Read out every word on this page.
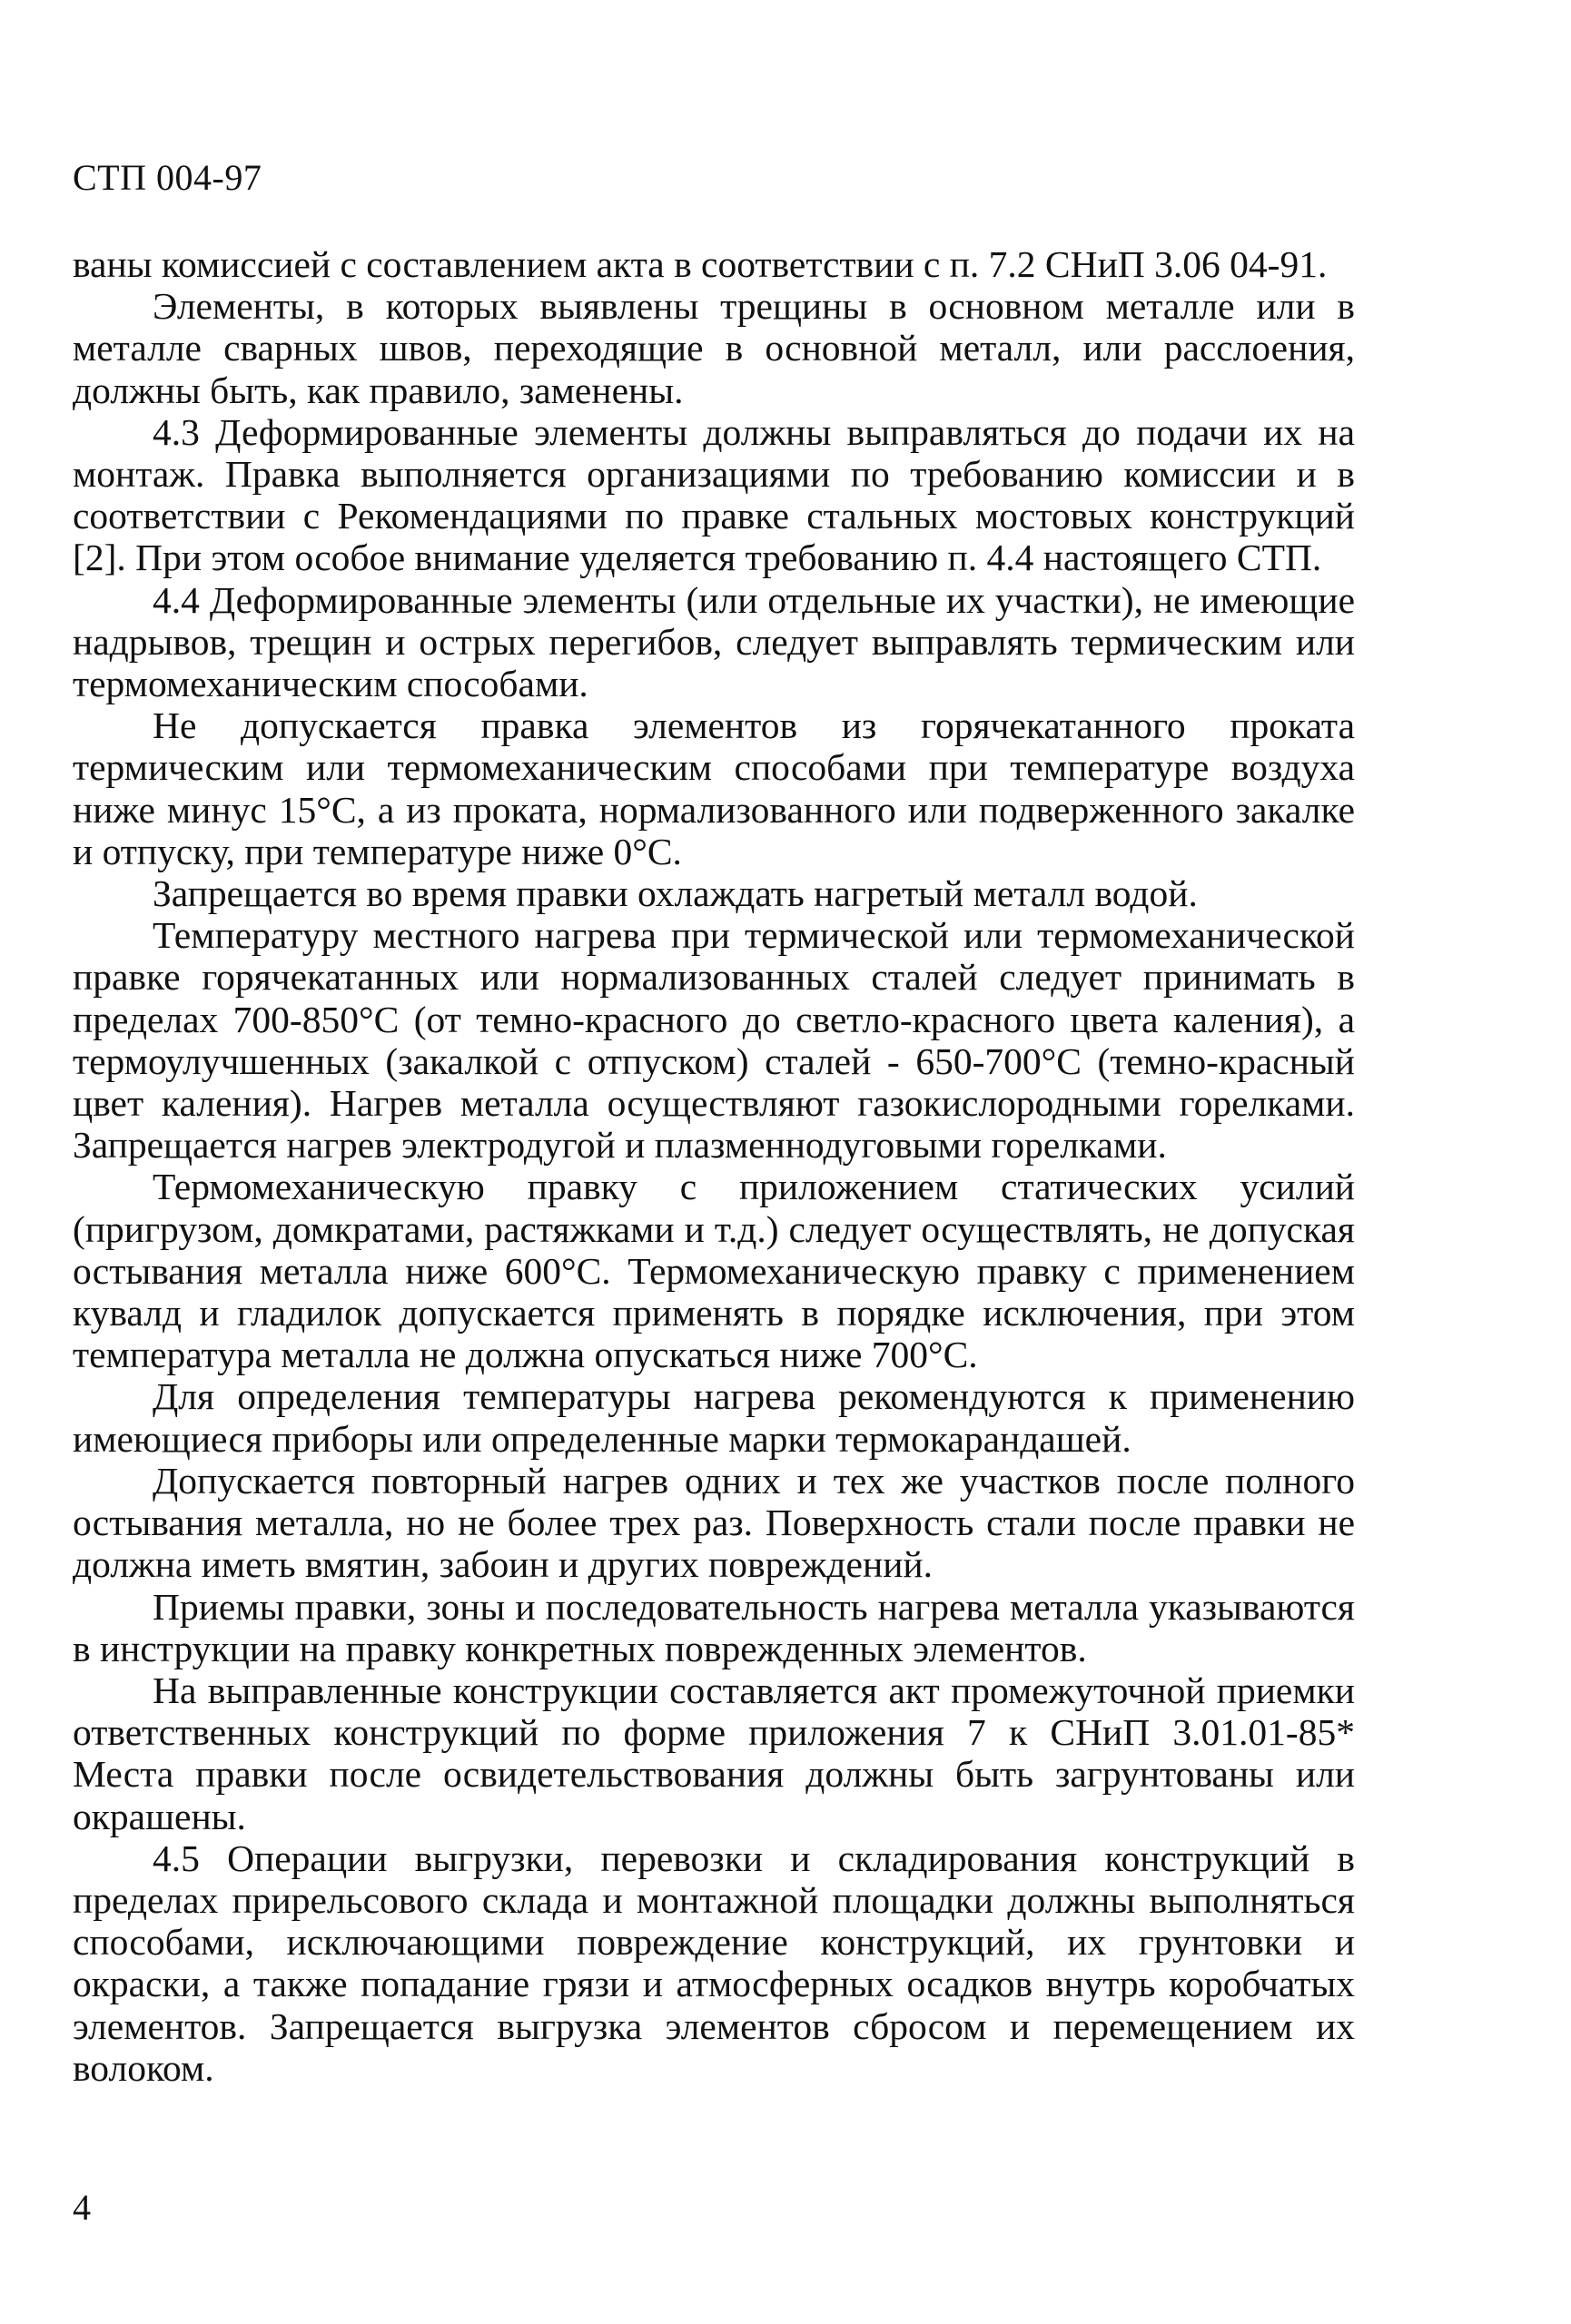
СТП 004-97

ваны комиссией с составлением акта в соответствии с п. 7.2 СНиП 3.06 04-91.

Элементы, в которых выявлены трещины в основном металле или в металле сварных швов, переходящие в основной металл, или расслоения, должны быть, как правило, заменены.

4.3 Деформированные элементы должны выправляться до подачи их на монтаж. Правка выполняется организациями по требованию комиссии и в соответствии с Рекомендациями по правке стальных мостовых конструкций [2]. При этом особое внимание уделяется требованию п. 4.4 настоящего СТП.

4.4 Деформированные элементы (или отдельные их участки), не имеющие надрывов, трещин и острых перегибов, следует выправлять термическим или термомеханическим способами.

Не допускается правка элементов из горячекатанного проката термическим или термомеханическим способами при температуре воздуха ниже минус 15°С, а из проката, нормализованного или подверженного закалке и отпуску, при температуре ниже 0°С.

Запрещается во время правки охлаждать нагретый металл водой.

Температуру местного нагрева при термической или термомеханической правке горячекатанных или нормализованных сталей следует принимать в пределах 700-850°С (от темно-красного до светло-красного цвета каления), а термоулучшенных (закалкой с отпуском) сталей - 650-700°С (темно-красный цвет каления). Нагрев металла осуществляют газокислородными горелками. Запрещается нагрев электродугой и плазменнодуговыми горелками.

Термомеханическую правку с приложением статических усилий (пригрузом, домкратами, растяжками и т.д.) следует осуществлять, не допуская остывания металла ниже 600°С. Термомеханическую правку с применением кувалд и гладилок допускается применять в порядке исключения, при этом температура металла не должна опускаться ниже 700°С.

Для определения температуры нагрева рекомендуются к применению имеющиеся приборы или определенные марки термокарандашей.

Допускается повторный нагрев одних и тех же участков после полного остывания металла, но не более трех раз. Поверхность стали после правки не должна иметь вмятин, забоин и других повреждений.

Приемы правки, зоны и последовательность нагрева металла указываются в инструкции на правку конкретных поврежденных элементов.

На выправленные конструкции составляется акт промежуточной приемки ответственных конструкций по форме приложения 7 к СНиП 3.01.01-85* Места правки после освидетельствования должны быть загрунтованы или окрашены.

4.5 Операции выгрузки, перевозки и складирования конструкций в пределах прирельсового склада и монтажной площадки должны выполняться способами, исключающими повреждение конструкций, их грунтовки и окраски, а также попадание грязи и атмосферных осадков внутрь коробчатых элементов. Запрещается выгрузка элементов сбросом и перемещением их волоком.

4
